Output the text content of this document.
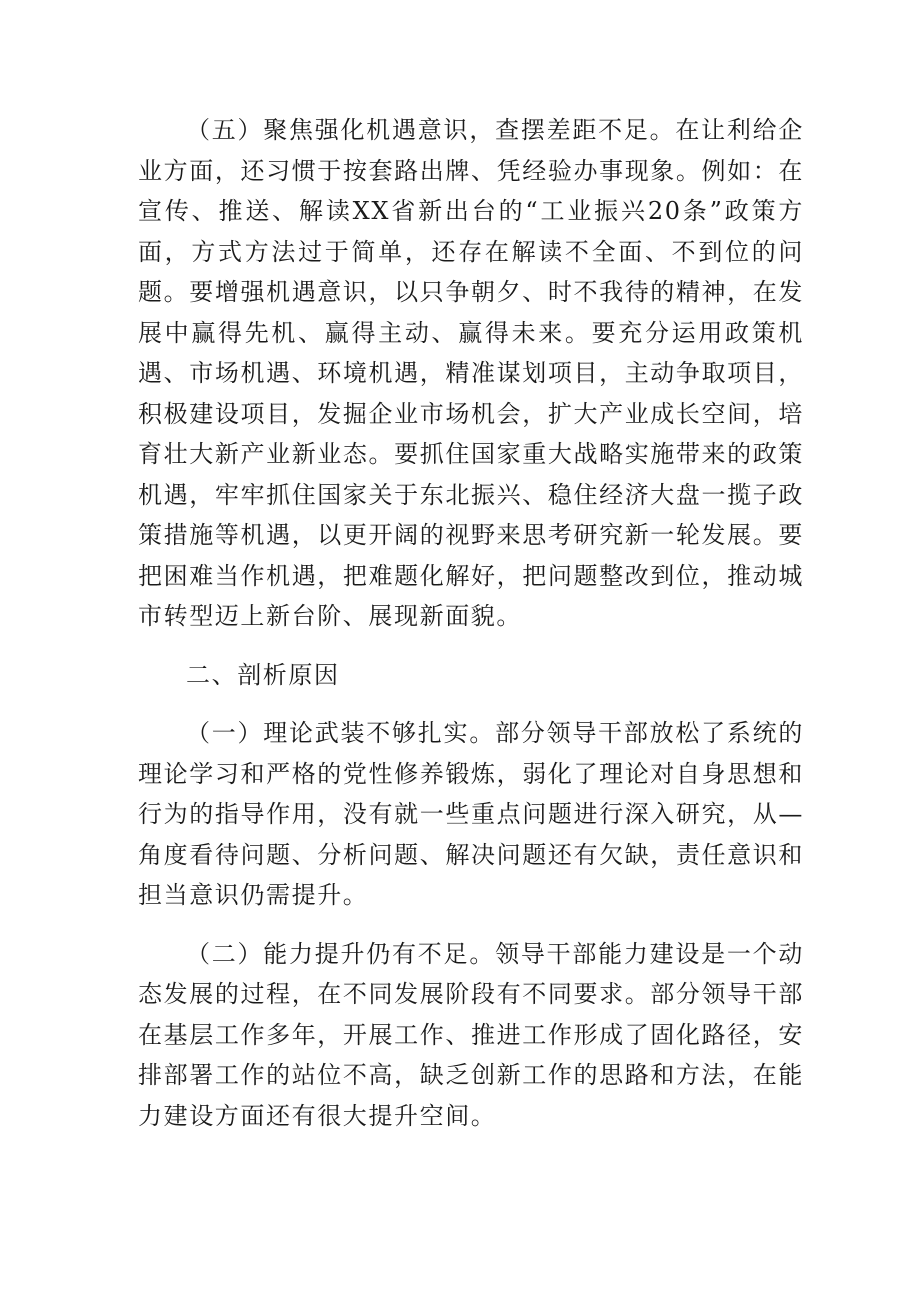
（五）聚焦强化机遇意识，查摆差距不足。在让利给企业方面，还习惯于按套路出牌、凭经验办事现象。例如：在宣传、推送、解读XX省新出台的“工业振兴20条”政策方面，方式方法过于简单，还存在解读不全面、不到位的问题。要增强机遇意识，以只争朝夕、时不我待的精神，在发展中赢得先机、赢得主动、赢得未来。要充分运用政策机遇、市场机遇、环境机遇，精准谋划项目，主动争取项目，积极建设项目，发掘企业市场机会，扩大产业成长空间，培育壮大新产业新业态。要抓住国家重大战略实施带来的政策机遇，牢牢抓住国家关于东北振兴、稳住经济大盘一揽子政策措施等机遇，以更开阔的视野来思考研究新一轮发展。要把困难当作机遇，把难题化解好，把问题整改到位，推动城市转型迈上新台阶、展现新面貌。

二、剖析原因

（一）理论武装不够扎实。部分领导干部放松了系统的理论学习和严格的党性修养锻炼，弱化了理论对自身思想和行为的指导作用，没有就一些重点问题进行深入研究，从—角度看待问题、分析问题、解决问题还有欠缺，责任意识和担当意识仍需提升。

（二）能力提升仍有不足。领导干部能力建设是一个动态发展的过程，在不同发展阶段有不同要求。部分领导干部在基层工作多年，开展工作、推进工作形成了固化路径，安排部署工作的站位不高，缺乏创新工作的思路和方法，在能力建设方面还有很大提升空间。
